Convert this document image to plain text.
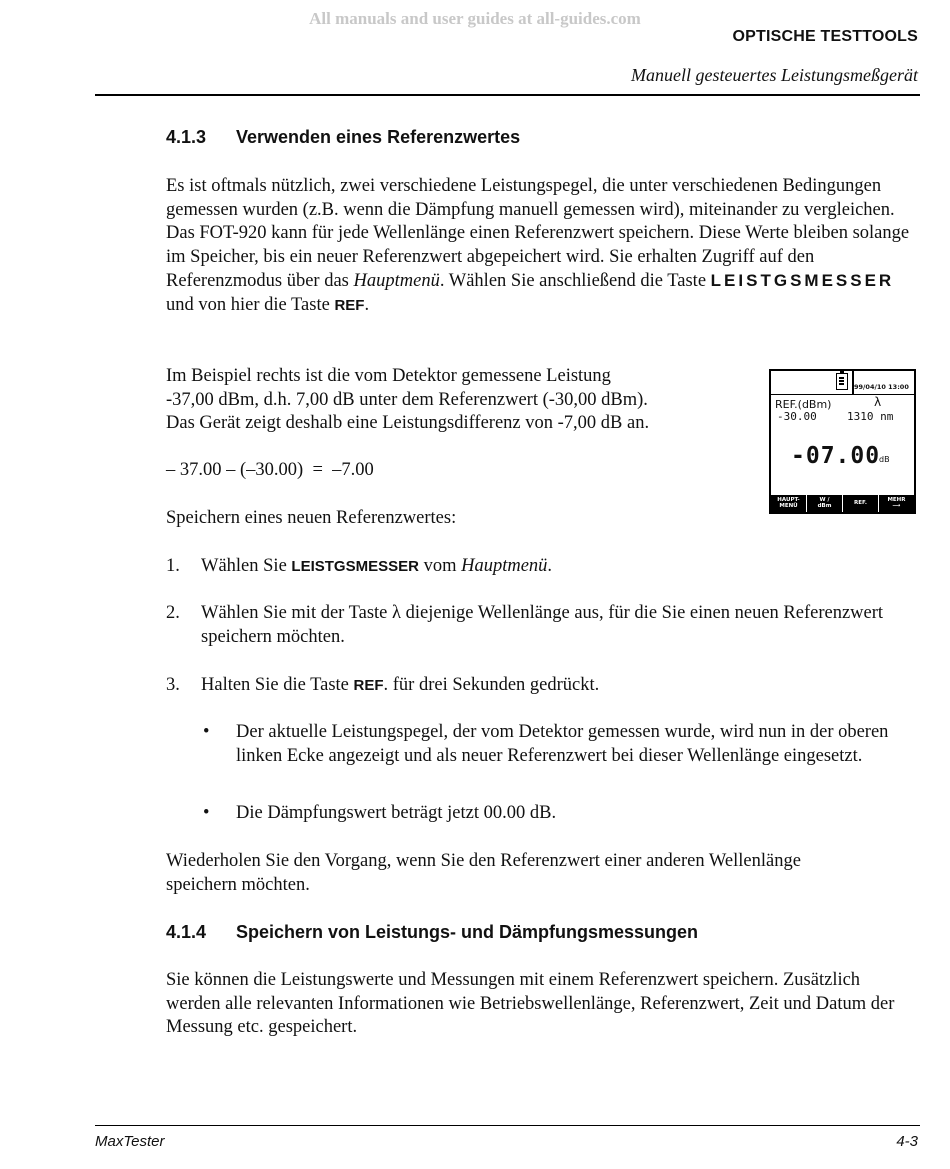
All manuals and user guides at all-guides.com
OPTISCHE TESTTOOLS
Manuell gesteuertes Leistungsmeßgerät
4.1.3 Verwenden eines Referenzwertes
Es ist oftmals nützlich, zwei verschiedene Leistungspegel, die unter verschiedenen Bedingungen gemessen wurden (z.B. wenn die Dämpfung manuell gemessen wird), miteinander zu vergleichen. Das FOT-920 kann für jede Wellenlänge einen Referenzwert speichern. Diese Werte bleiben solange im Speicher, bis ein neuer Referenzwert abgepeichert wird. Sie erhalten Zugriff auf den Referenzmodus über das Hauptmenü. Wählen Sie anschließend die Taste LEISTGSMESSER und von hier die Taste REF.
Im Beispiel rechts ist die vom Detektor gemessene Leistung
-37,00 dBm, d.h. 7,00 dB unter dem Referenzwert (-30,00 dBm).
Das Gerät zeigt deshalb eine Leistungsdifferenz von -7,00 dB an.
– 37.00 – (–30.00)  =  –7.00
Speichern eines neuen Referenzwertes:
99/04/10 13:00
REF.(dBm)	λ
-30.00	1310 nm
-07.00
dB
HAUPT-
MENÜ
W /
dBm	REF.	MEHR
⟶
1. Wählen Sie LEISTGSMESSER vom Hauptmenü.
2. Wählen Sie mit der Taste λ diejenige Wellenlänge aus, für die Sie einen neuen Referenzwert speichern möchten.
3. Halten Sie die Taste REF. für drei Sekunden gedrückt.
• Der aktuelle Leistungspegel, der vom Detektor gemessen wurde, wird nun in der oberen linken Ecke angezeigt und als neuer Referenzwert bei dieser Wellenlänge eingesetzt.
• Die Dämpfungswert beträgt jetzt 00.00 dB.
Wiederholen Sie den Vorgang, wenn Sie den Referenzwert einer anderen Wellenlänge speichern möchten.
4.1.4 Speichern von Leistungs- und Dämpfungsmessungen
Sie können die Leistungswerte und Messungen mit einem Referenzwert speichern. Zusätzlich werden alle relevanten Informationen wie Betriebswellenlänge, Referenzwert, Zeit und Datum der Messung etc. gespeichert.
MaxTester	4-3
